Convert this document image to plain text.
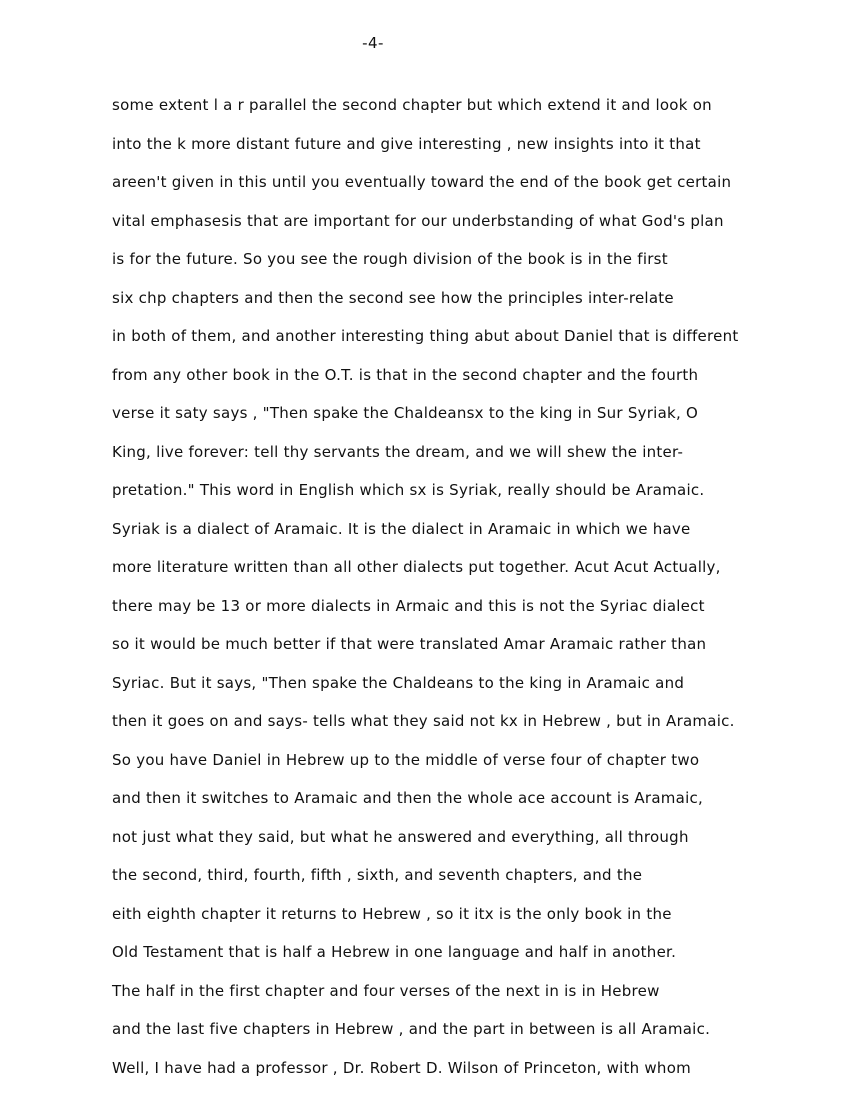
-4-
some extent l a r parallel the second chapter but which extend it and look on
into the k more distant future and give interesting , new insights into it that
areen't given in this until you eventually toward the end of the book get certain
vital emphasesis that are important for our underbstanding of what God's plan
is for the future. So you see the rough division of the book is in the first
six chp chapters and then the second see how the principles inter-relate
in both of them, and another interesting thing abut about Daniel that is different
from any other book in the O.T. is that in the second chapter and the fourth
verse it saty says , "Then spake the Chaldeansx to the king in Sur Syriak, O
King, live forever: tell thy servants the dream, and we will shew the inter-
pretation." This word in English which sx is Syriak, really should be Aramaic.
Syriak is a dialect of Aramaic. It is the dialect in Aramaic in which we have
more literature written than all other dialects put together. Acut Acut Actually,
there may be 13 or more dialects in Armaic and this is not the Syriac dialect
so it would be much better if that were translated Amar Aramaic rather than
Syriac. But it says, "Then spake the Chaldeans to the king in Aramaic and
then it goes on and says- tells what they said not kx in Hebrew , but in Aramaic.
So you have Daniel in Hebrew up to the middle of verse four of chapter two
and then it switches to Aramaic and then the whole ace account is Aramaic,
not just what they said, but what he answered and everything, all through
the second, third, fourth, fifth , sixth, and seventh chapters, and the
eith eighth chapter it returns to Hebrew , so it itx is the only book in the
Old Testament that is half a Hebrew in one language and half in another.
The half in the first chapter and four verses of the next in is in Hebrew
and the last five chapters in Hebrew , and the part in between is all Aramaic.
Well, I have had a professor , Dr. Robert D. Wilson of Princeton, with whom
